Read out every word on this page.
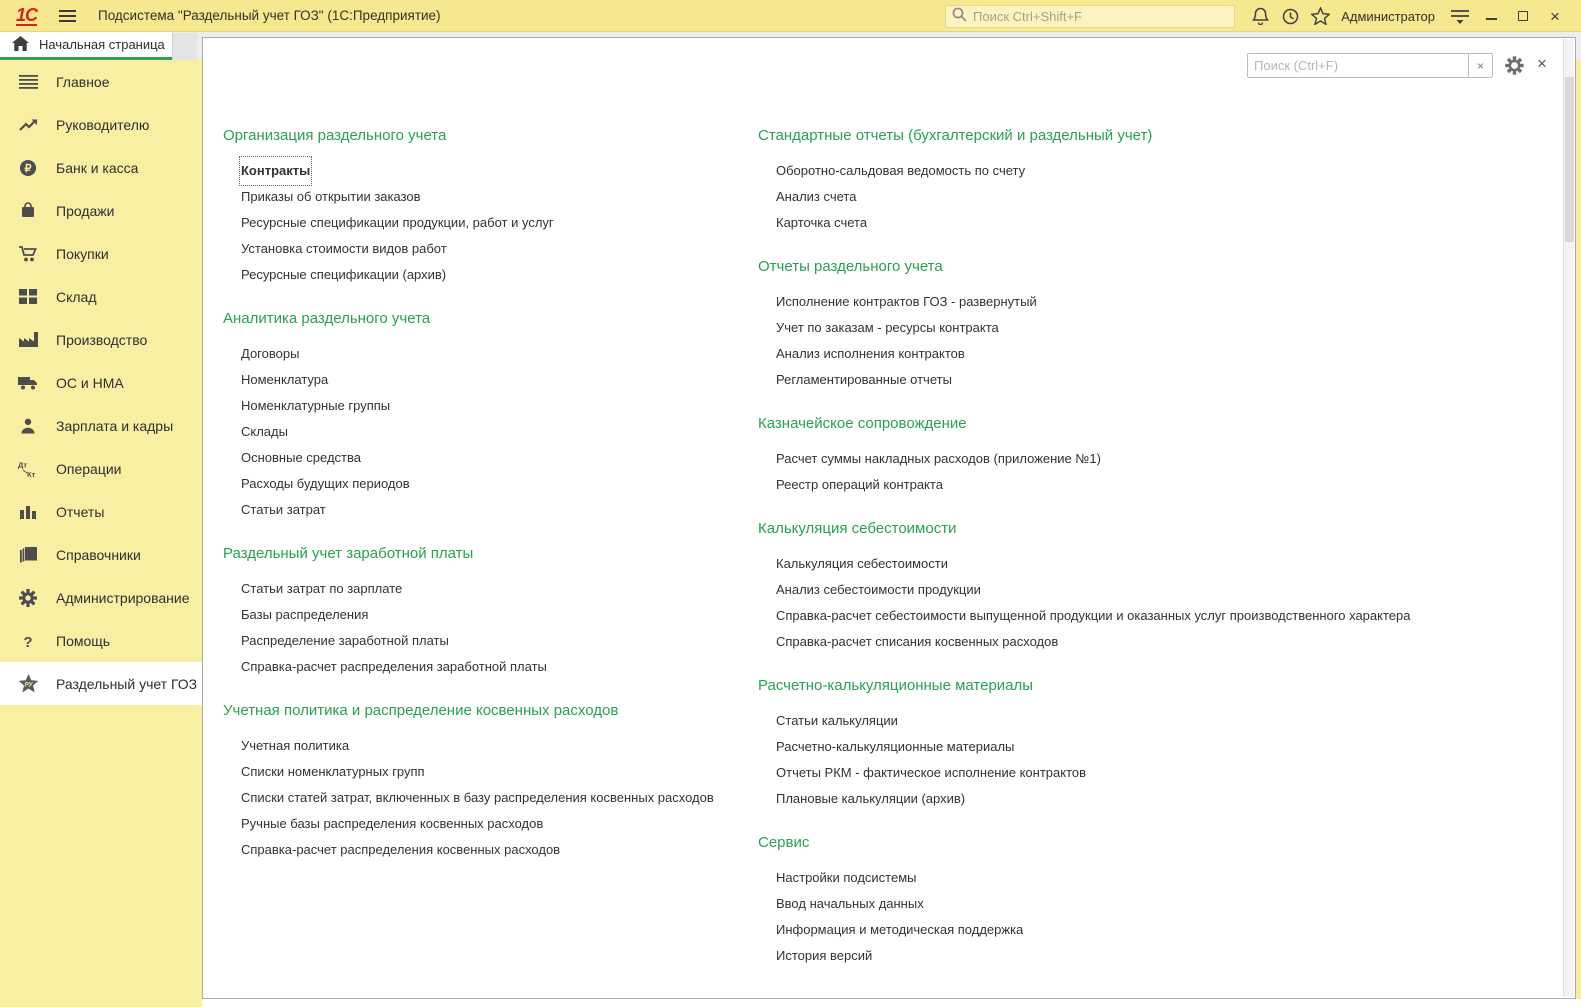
1С	Подсистема "Раздельный учет ГОЗ" (1С:Предприятие)
Поиск Ctrl+Shift+F	Администратор	×
Начальная страница
Главное
Руководителю
₽ Банк и касса
Продажи
Покупки
Склад
Производство
ОС и НМА
Зарплата и кадры
Дт
Кт Операции
Отчеты
Справочники
Администрирование
? Помощь
РУ Раздельный учет ГОЗ
Поиск (Ctrl+F)
×	×
Организация раздельного учета
Контракты
Приказы об открытии заказов
Ресурсные спецификации продукции, работ и услуг
Установка стоимости видов работ
Ресурсные спецификации (архив)
Аналитика раздельного учета
Договоры
Номенклатура
Номенклатурные группы
Склады
Основные средства
Расходы будущих периодов
Статьи затрат
Раздельный учет заработной платы
Статьи затрат по зарплате
Базы распределения
Распределение заработной платы
Справка-расчет распределения заработной платы
Учетная политика и распределение косвенных расходов
Учетная политика
Списки номенклатурных групп
Списки статей затрат, включенных в базу распределения косвенных расходов
Ручные базы распределения косвенных расходов
Справка-расчет распределения косвенных расходов
Стандартные отчеты (бухгалтерский и раздельный учет)
Оборотно-сальдовая ведомость по счету
Анализ счета
Карточка счета
Отчеты раздельного учета
Исполнение контрактов ГОЗ - развернутый
Учет по заказам - ресурсы контракта
Анализ исполнения контрактов
Регламентированные отчеты
Казначейское сопровождение
Расчет суммы накладных расходов (приложение №1)
Реестр операций контракта
Калькуляция себестоимости
Калькуляция себестоимости
Анализ себестоимости продукции
Справка-расчет себестоимости выпущенной продукции и оказанных услуг производственного характера
Справка-расчет списания косвенных расходов
Расчетно-калькуляционные материалы
Статьи калькуляции
Расчетно-калькуляционные материалы
Отчеты РКМ - фактическое исполнение контрактов
Плановые калькуляции (архив)
Сервис
Настройки подсистемы
Ввод начальных данных
Информация и методическая поддержка
История версий
